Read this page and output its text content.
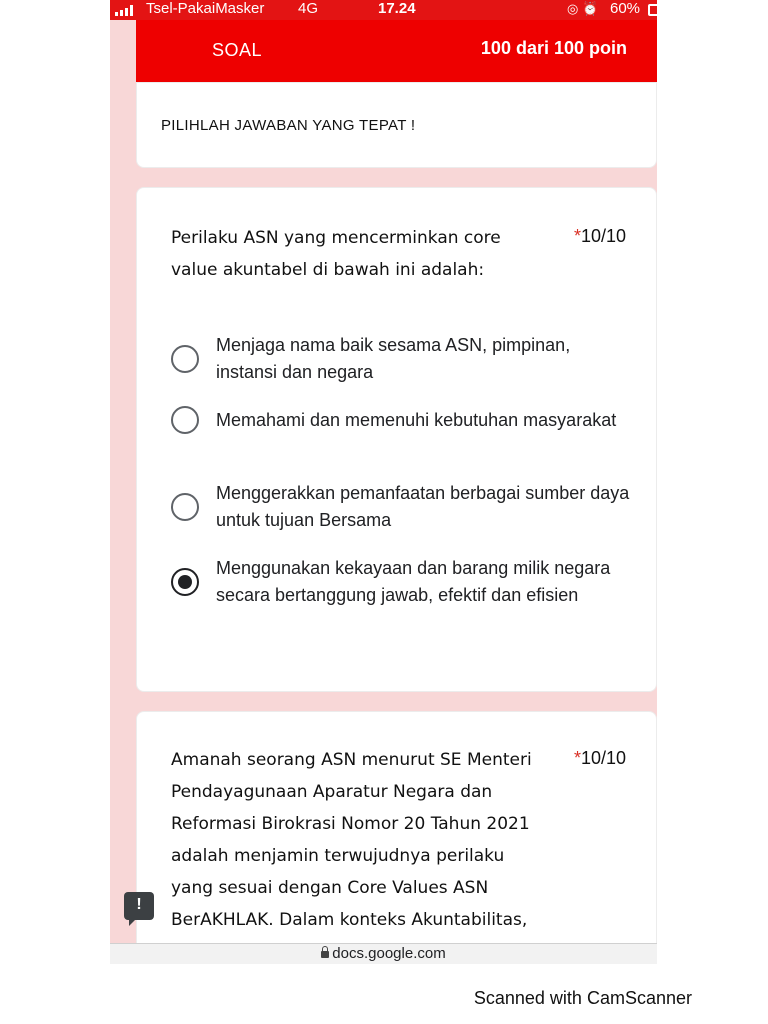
Tsel-PakaiMasker 4G	17.24	◎ ⏰ 60%
SOAL	100 dari 100 poin
PILIHLAH JAWABAN YANG TEPAT !
Perilaku ASN yang mencerminkan core value akuntabel di bawah ini adalah:
*10/10
Menjaga nama baik sesama ASN, pimpinan, instansi dan negara
Memahami dan memenuhi kebutuhan masyarakat
Menggerakkan pemanfaatan berbagai sumber daya untuk tujuan Bersama
Menggunakan kekayaan dan barang milik negara secara bertanggung jawab, efektif dan efisien
Amanah seorang ASN menurut SE Menteri Pendayagunaan Aparatur Negara dan Reformasi Birokrasi Nomor 20 Tahun 2021 adalah menjamin terwujudnya perilaku yang sesuai dengan Core Values ASN BerAKHLAK. Dalam konteks Akuntabilitas,
*10/10
!
docs.google.com
Scanned with CamScanner
